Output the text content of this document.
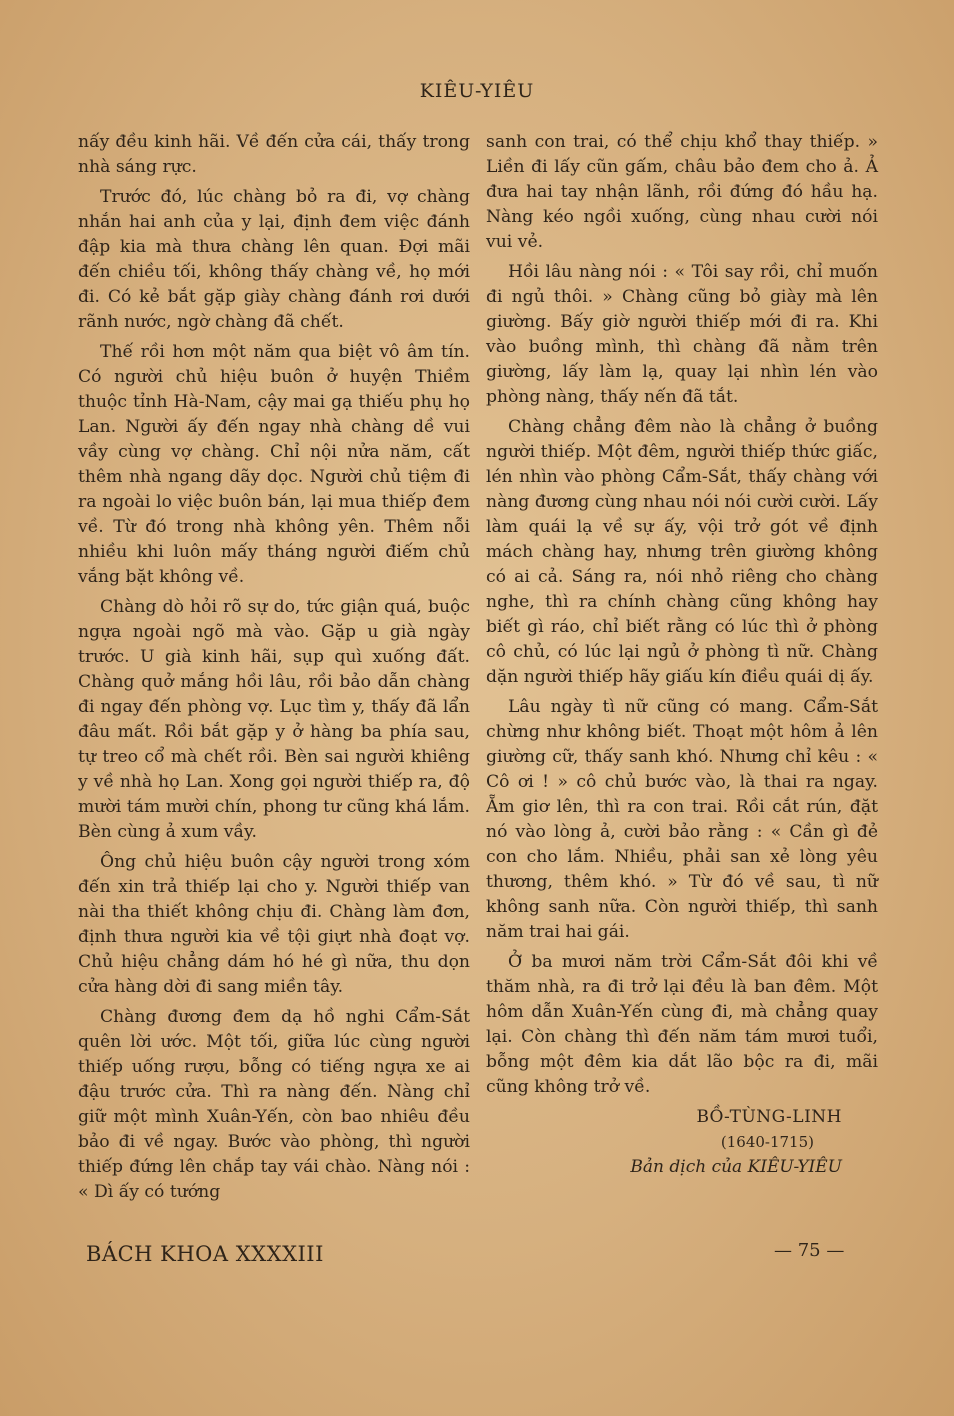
KIÊU-YIÊU

nấy đều kinh hãi. Về đến cửa cái, thấy trong nhà sáng rực.

Trước đó, lúc chàng bỏ ra đi, vợ chàng nhắn hai anh của y lại, định đem việc đánh đập kia mà thưa chàng lên quan. Đợi mãi đến chiều tối, không thấy chàng về, họ mới đi. Có kẻ bắt gặp giày chàng đánh rơi dưới rãnh nước, ngờ chàng đã chết.

Thế rồi hơn một năm qua biệt vô âm tín. Có người chủ hiệu buôn ở huyện Thiềm thuộc tỉnh Hà-Nam, cậy mai gạ thiếu phụ họ Lan. Người ấy đến ngay nhà chàng dề vui vầy cùng vợ chàng. Chỉ nội nửa năm, cất thêm nhà ngang dãy dọc. Người chủ tiệm đi ra ngoài lo việc buôn bán, lại mua thiếp đem về. Từ đó trong nhà không yên. Thêm nỗi nhiều khi luôn mấy tháng người điếm chủ vắng bặt không về.

Chàng dò hỏi rõ sự do, tức giận quá, buộc ngựa ngoài ngõ mà vào. Gặp u già ngày trước. U già kinh hãi, sụp quì xuống đất. Chàng quở mắng hồi lâu, rồi bảo dẫn chàng đi ngay đến phòng vợ. Lục tìm y, thấy đã lẩn đâu mất. Rồi bắt gặp y ở hàng ba phía sau, tự treo cổ mà chết rồi. Bèn sai người khiêng y về nhà họ Lan. Xong gọi người thiếp ra, độ mười tám mười chín, phong tư cũng khá lắm. Bèn cùng ả xum vầy.

Ông chủ hiệu buôn cậy người trong xóm đến xin trả thiếp lại cho y. Người thiếp van nài tha thiết không chịu đi. Chàng làm đơn, định thưa người kia về tội giựt nhà đoạt vợ. Chủ hiệu chẳng dám hó hé gì nữa, thu dọn cửa hàng dời đi sang miền tây.

Chàng đương đem dạ hồ nghi Cẩm-Sắt quên lời ước. Một tối, giữa lúc cùng người thiếp uống rượu, bỗng có tiếng ngựa xe ai đậu trước cửa. Thì ra nàng đến. Nàng chỉ giữ một mình Xuân-Yến, còn bao nhiêu đều bảo đi về ngay. Bước vào phòng, thì người thiếp đứng lên chắp tay vái chào. Nàng nói : « Dì ấy có tướng

sanh con trai, có thể chịu khổ thay thiếp. » Liền đi lấy cũn gấm, châu bảo đem cho ả. Ả đưa hai tay nhận lãnh, rồi đứng đó hầu hạ. Nàng kéo ngồi xuống, cùng nhau cười nói vui vẻ.

Hồi lâu nàng nói : « Tôi say rồi, chỉ muốn đi ngủ thôi. » Chàng cũng bỏ giày mà lên giường. Bấy giờ người thiếp mới đi ra. Khi vào buồng mình, thì chàng đã nằm trên giường, lấy làm lạ, quay lại nhìn lén vào phòng nàng, thấy nến đã tắt.

Chàng chẳng đêm nào là chẳng ở buồng người thiếp. Một đêm, người thiếp thức giấc, lén nhìn vào phòng Cẩm-Sắt, thấy chàng với nàng đương cùng nhau nói nói cười cười. Lấy làm quái lạ về sự ấy, vội trở gót về định mách chàng hay, nhưng trên giường không có ai cả. Sáng ra, nói nhỏ riêng cho chàng nghe, thì ra chính chàng cũng không hay biết gì ráo, chỉ biết rằng có lúc thì ở phòng cô chủ, có lúc lại ngủ ở phòng tì nữ. Chàng dặn người thiếp hãy giấu kín điều quái dị ấy.

Lâu ngày tì nữ cũng có mang. Cẩm-Sắt chừng như không biết. Thoạt một hôm ả lên giường cữ, thấy sanh khó. Nhưng chỉ kêu : « Cô ơi ! » cô chủ bước vào, là thai ra ngay. Ẵm giơ lên, thì ra con trai. Rồi cắt rún, đặt nó vào lòng ả, cười bảo rằng : « Cần gì đẻ con cho lắm. Nhiều, phải san xẻ lòng yêu thương, thêm khó. » Từ đó về sau, tì nữ không sanh nữa. Còn người thiếp, thì sanh năm trai hai gái.

Ở ba mươi năm trời Cẩm-Sắt đôi khi về thăm nhà, ra đi trở lại đều là ban đêm. Một hôm dẫn Xuân-Yến cùng đi, mà chẳng quay lại. Còn chàng thì đến năm tám mươi tuổi, bỗng một đêm kia dắt lão bộc ra đi, mãi cũng không trở về.

BỒ-TÙNG-LINH
(1640-1715)
Bản dịch của KIÊU-YIÊU
BÁCH KHOA XXXXIII	— 75 —
